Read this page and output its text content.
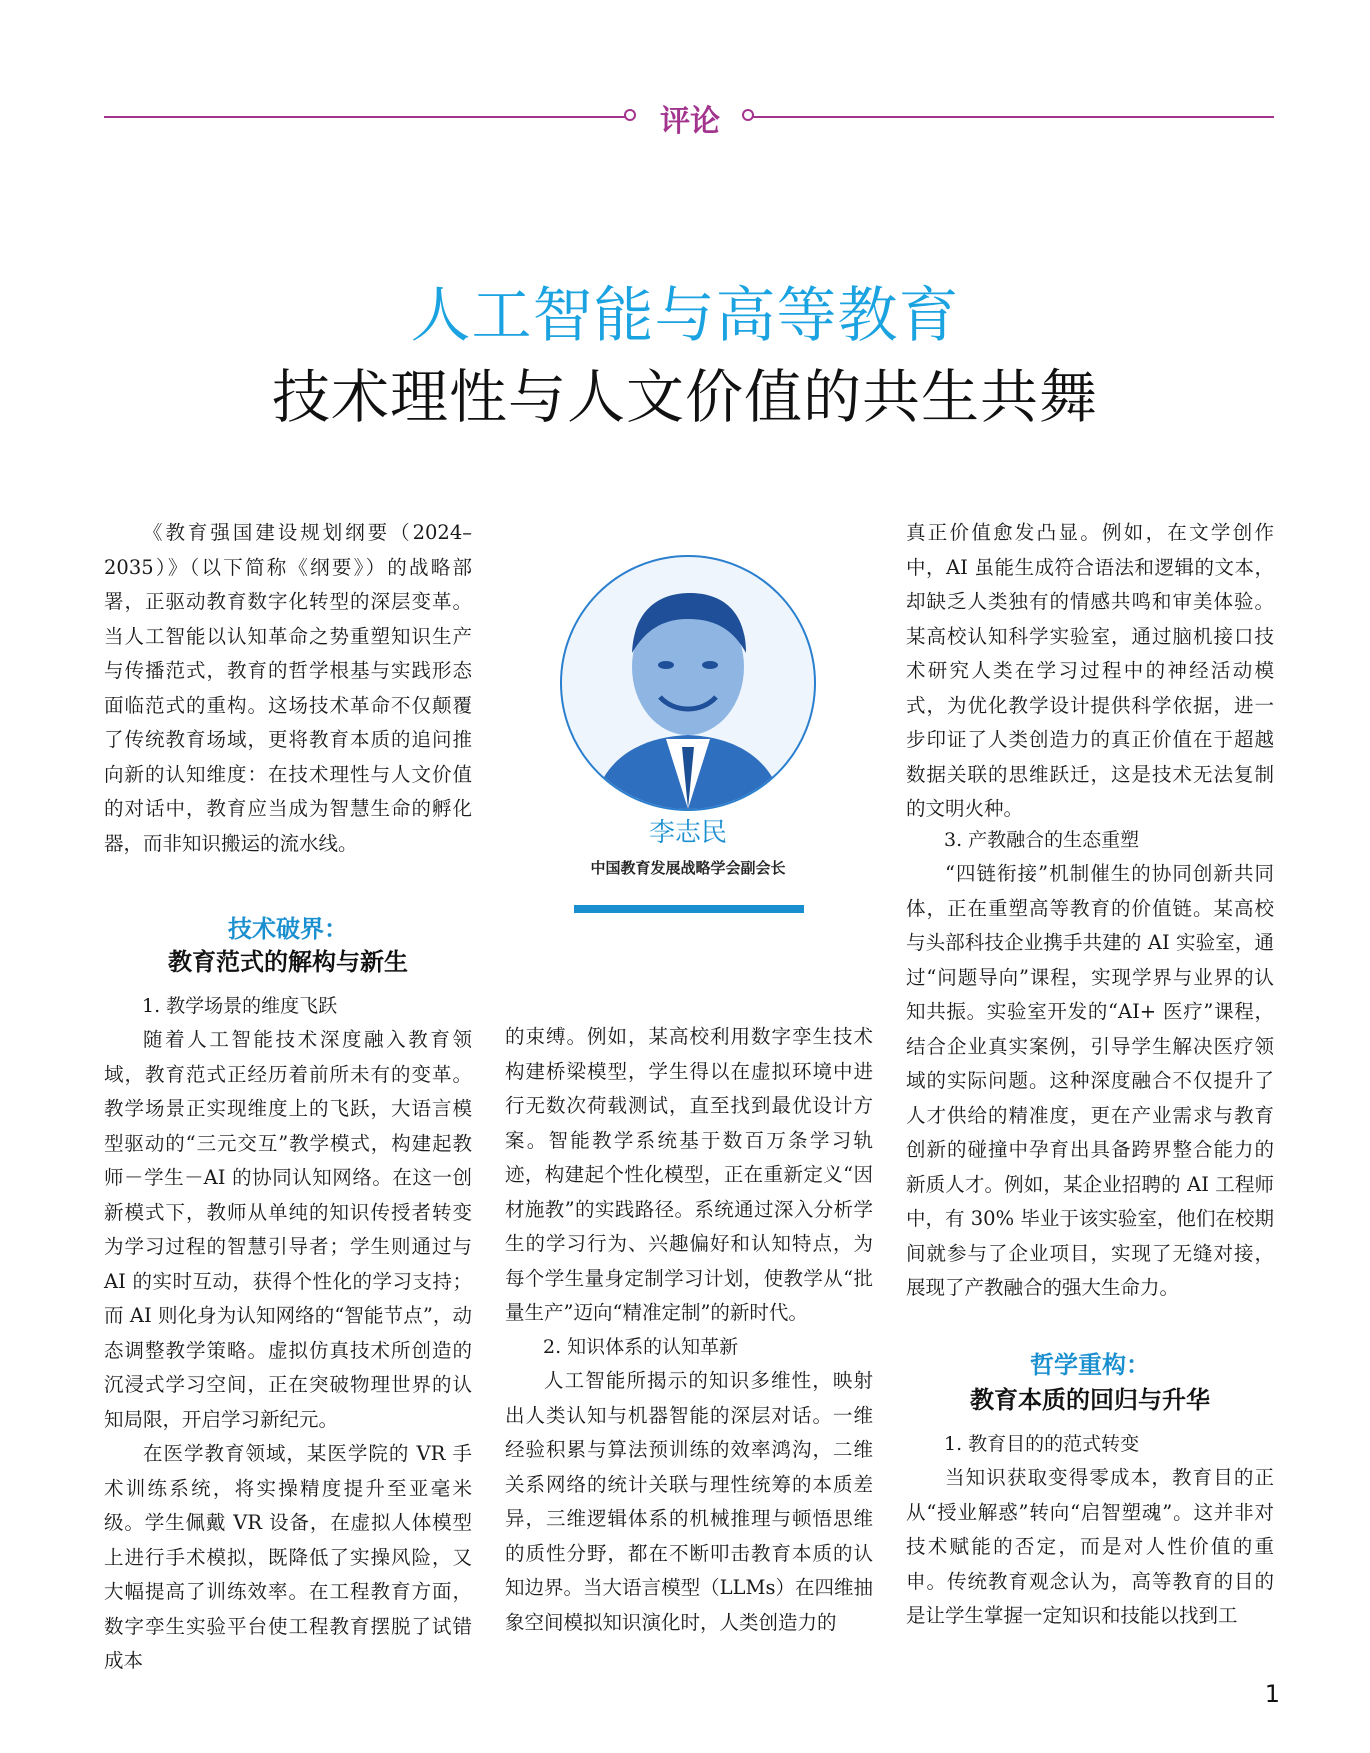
评论
人工智能与高等教育
技术理性与人文价值的共生共舞

《教育强国建设规划纲要（2024–2035）》（以下简称《纲要》）的战略部署，正驱动教育数字化转型的深层变革。当人工智能以认知革命之势重塑知识生产与传播范式，教育的哲学根基与实践形态面临范式的重构。这场技术革命不仅颠覆了传统教育场域，更将教育本质的追问推向新的认知维度：在技术理性与人文价值的对话中，教育应当成为智慧生命的孵化器，而非知识搬运的流水线。

技术破界：
教育范式的解构与新生

1. 教学场景的维度飞跃

随着人工智能技术深度融入教育领域，教育范式正经历着前所未有的变革。教学场景正实现维度上的飞跃，大语言模型驱动的“三元交互”教学模式，构建起教师－学生－AI 的协同认知网络。在这一创新模式下，教师从单纯的知识传授者转变为学习过程的智慧引导者；学生则通过与 AI 的实时互动，获得个性化的学习支持；而 AI 则化身为认知网络的“智能节点”，动态调整教学策略。虚拟仿真技术所创造的沉浸式学习空间，正在突破物理世界的认知局限，开启学习新纪元。

在医学教育领域，某医学院的 VR 手术训练系统，将实操精度提升至亚毫米级。学生佩戴 VR 设备，在虚拟人体模型上进行手术模拟，既降低了实操风险，又大幅提高了训练效率。在工程教育方面，数字孪生实验平台使工程教育摆脱了试错成本

李志民
中国教育发展战略学会副会长

的束缚。例如，某高校利用数字孪生技术构建桥梁模型，学生得以在虚拟环境中进行无数次荷载测试，直至找到最优设计方案。智能教学系统基于数百万条学习轨迹，构建起个性化模型，正在重新定义“因材施教”的实践路径。系统通过深入分析学生的学习行为、兴趣偏好和认知特点，为每个学生量身定制学习计划，使教学从“批量生产”迈向“精准定制”的新时代。

2. 知识体系的认知革新

人工智能所揭示的知识多维性，映射出人类认知与机器智能的深层对话。一维经验积累与算法预训练的效率鸿沟，二维关系网络的统计关联与理性统筹的本质差异，三维逻辑体系的机械推理与顿悟思维的质性分野，都在不断叩击教育本质的认知边界。当大语言模型（LLMs）在四维抽象空间模拟知识演化时，人类创造力的

真正价值愈发凸显。例如，在文学创作中，AI 虽能生成符合语法和逻辑的文本，却缺乏人类独有的情感共鸣和审美体验。某高校认知科学实验室，通过脑机接口技术研究人类在学习过程中的神经活动模式，为优化教学设计提供科学依据，进一步印证了人类创造力的真正价值在于超越数据关联的思维跃迁，这是技术无法复制的文明火种。

3. 产教融合的生态重塑

“四链衔接”机制催生的协同创新共同体，正在重塑高等教育的价值链。某高校与头部科技企业携手共建的 AI 实验室，通过“问题导向”课程，实现学界与业界的认知共振。实验室开发的“AI+ 医疗”课程，结合企业真实案例，引导学生解决医疗领域的实际问题。这种深度融合不仅提升了人才供给的精准度，更在产业需求与教育创新的碰撞中孕育出具备跨界整合能力的新质人才。例如，某企业招聘的 AI 工程师中，有 30% 毕业于该实验室，他们在校期间就参与了企业项目，实现了无缝对接，展现了产教融合的强大生命力。

哲学重构：
教育本质的回归与升华

1. 教育目的的范式转变

当知识获取变得零成本，教育目的正从“授业解惑”转向“启智塑魂”。这并非对技术赋能的否定，而是对人性价值的重申。传统教育观念认为，高等教育的目的是让学生掌握一定知识和技能以找到工

1
